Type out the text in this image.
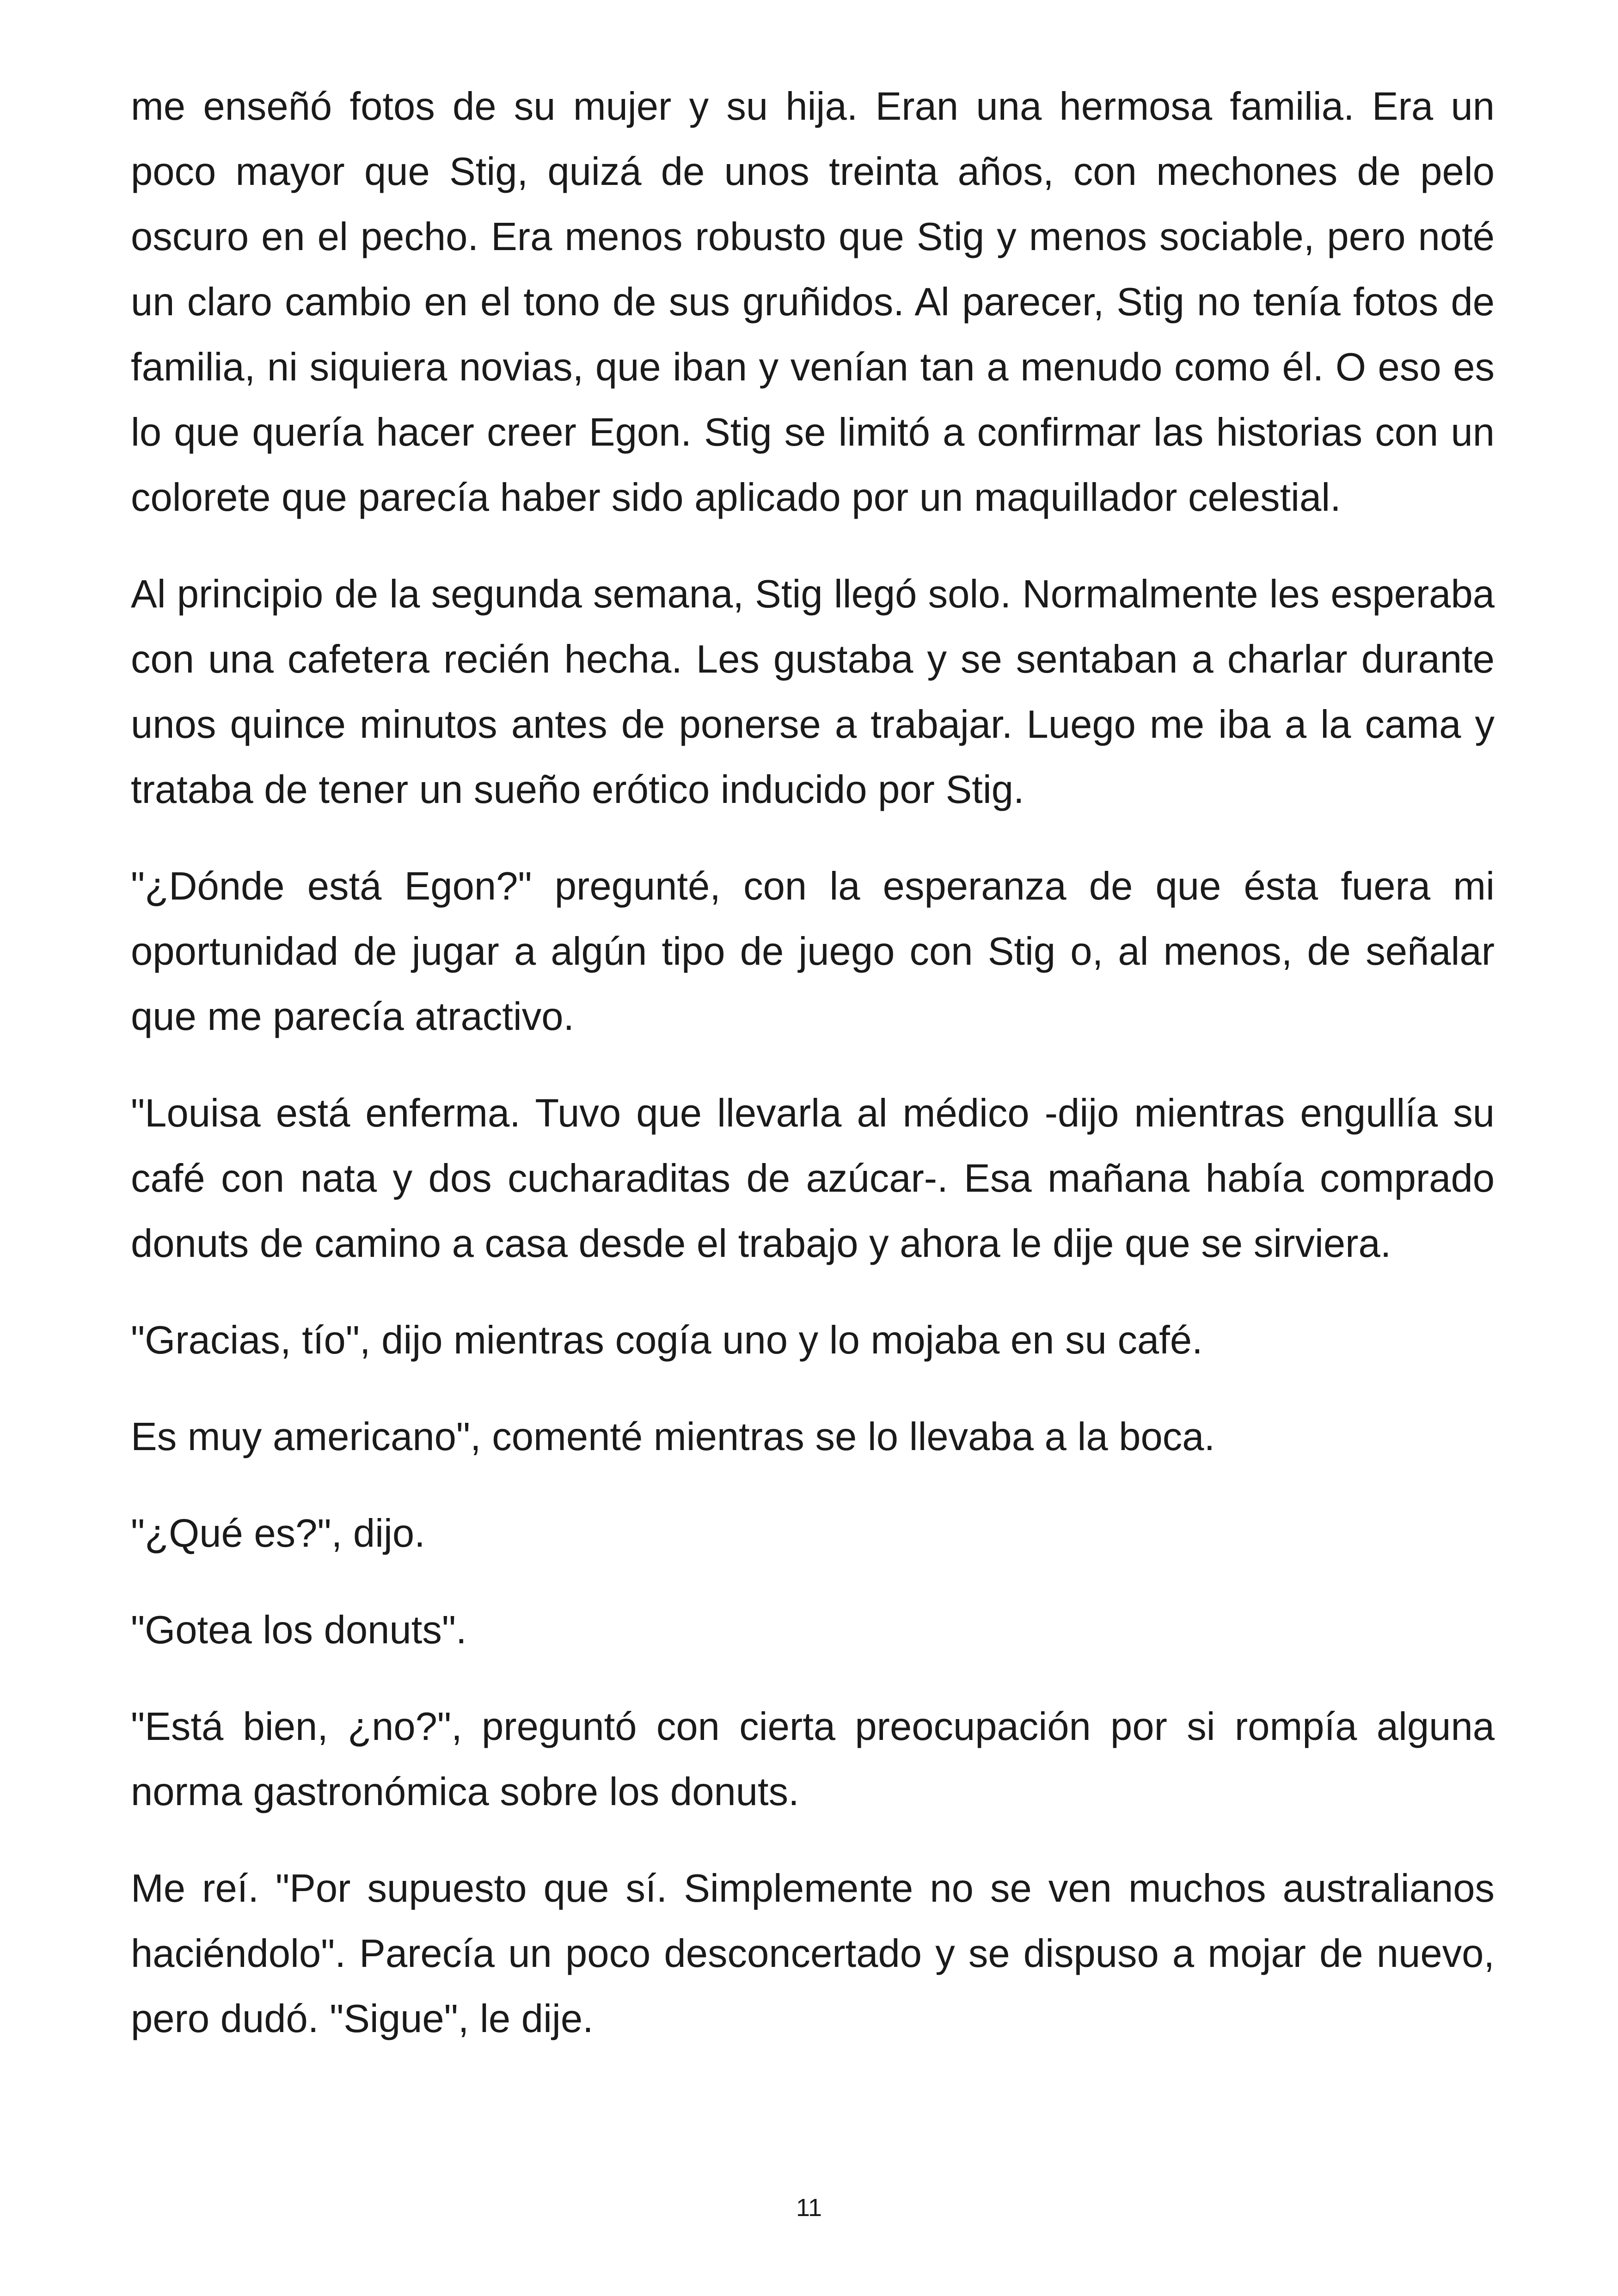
me enseñó fotos de su mujer y su hija. Eran una hermosa familia. Era un poco mayor que Stig, quizá de unos treinta años, con mechones de pelo oscuro en el pecho. Era menos robusto que Stig y menos sociable, pero noté un claro cambio en el tono de sus gruñidos. Al parecer, Stig no tenía fotos de familia, ni siquiera novias, que iban y venían tan a menudo como él. O eso es lo que quería hacer creer Egon. Stig se limitó a confirmar las historias con un colorete que parecía haber sido aplicado por un maquillador celestial.

Al principio de la segunda semana, Stig llegó solo. Normalmente les esperaba con una cafetera recién hecha. Les gustaba y se sentaban a charlar durante unos quince minutos antes de ponerse a trabajar. Luego me iba a la cama y trataba de tener un sueño erótico inducido por Stig.

"¿Dónde está Egon?" pregunté, con la esperanza de que ésta fuera mi oportunidad de jugar a algún tipo de juego con Stig o, al menos, de señalar que me parecía atractivo.

"Louisa está enferma. Tuvo que llevarla al médico -dijo mientras engullía su café con nata y dos cucharaditas de azúcar-. Esa mañana había comprado donuts de camino a casa desde el trabajo y ahora le dije que se sirviera.

"Gracias, tío", dijo mientras cogía uno y lo mojaba en su café.

Es muy americano", comenté mientras se lo llevaba a la boca.

"¿Qué es?", dijo.

"Gotea los donuts".

"Está bien, ¿no?", preguntó con cierta preocupación por si rompía alguna norma gastronómica sobre los donuts.

Me reí. "Por supuesto que sí. Simplemente no se ven muchos australianos haciéndolo". Parecía un poco desconcertado y se dispuso a mojar de nuevo, pero dudó. "Sigue", le dije.

11
